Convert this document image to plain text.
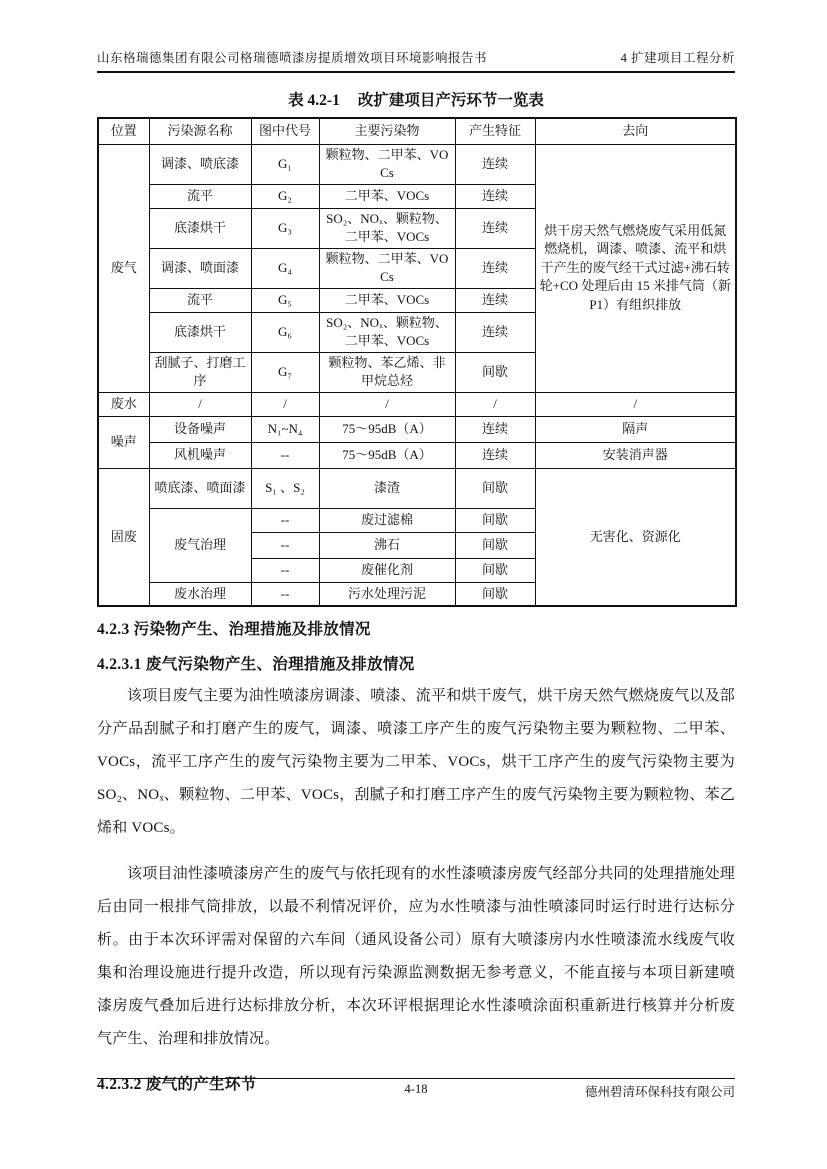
山东格瑞德集团有限公司格瑞德喷漆房提质增效项目环境影响报告书	4 扩建项目工程分析
表 4.2-1 改扩建项目产污环节一览表
位置	污染源名称	图中代号	主要污染物	产生特征	去向
废气	调漆、喷底漆	G₁	颗粒物、二甲苯、VOCs	连续	烘干房天然气燃烧废气采用低氮燃烧机，调漆、喷漆、流平和烘干产生的废气经干式过滤+沸石转轮+CO 处理后由 15 米排气筒（新 P1）有组织排放
	流平	G₂	二甲苯、VOCs	连续	
	底漆烘干	G₃	SO₂、NOₓ、颗粒物、二甲苯、VOCs	连续	
	调漆、喷面漆	G₄	颗粒物、二甲苯、VOCs	连续	
	流平	G₅	二甲苯、VOCs	连续	
	底漆烘干	G₆	SO₂、NOₓ、颗粒物、二甲苯、VOCs	连续	
	刮腻子、打磨工序	G₇	颗粒物、苯乙烯、非甲烷总烃	间歇	
废水	/	/	/	/	/
噪声	设备噪声	N₁~N₄	75～95dB（A）	连续	隔声
	风机噪声	--	75～95dB（A）	连续	安装消声器
固废	喷底漆、喷面漆	S₁ 、S₂	漆渣	间歇	无害化、资源化
	废气治理	--	废过滤棉	间歇	
		--	沸石	间歇	
		--	废催化剂	间歇	
	废水治理	--	污水处理污泥	间歇	
4.2.3 污染物产生、治理措施及排放情况
4.2.3.1 废气污染物产生、治理措施及排放情况

该项目废气主要为油性喷漆房调漆、喷漆、流平和烘干废气，烘干房天然气燃烧废气以及部分产品刮腻子和打磨产生的废气，调漆、喷漆工序产生的废气污染物主要为颗粒物、二甲苯、VOCs，流平工序产生的废气污染物主要为二甲苯、VOCs，烘干工序产生的废气污染物主要为 SO₂、NOₓ、颗粒物、二甲苯、VOCs，刮腻子和打磨工序产生的废气污染物主要为颗粒物、苯乙烯和 VOCs。

该项目油性漆喷漆房产生的废气与依托现有的水性漆喷漆房废气经部分共同的处理措施处理后由同一根排气筒排放，以最不利情况评价，应为水性喷漆与油性喷漆同时运行时进行达标分析。由于本次环评需对保留的六车间（通风设备公司）原有大喷漆房内水性喷漆流水线废气收集和治理设施进行提升改造，所以现有污染源监测数据无参考意义，不能直接与本项目新建喷漆房废气叠加后进行达标排放分析，本次环评根据理论水性漆喷涂面积重新进行核算并分析废气产生、治理和排放情况。

4.2.3.2 废气的产生环节	4-18	德州碧清环保科技有限公司
